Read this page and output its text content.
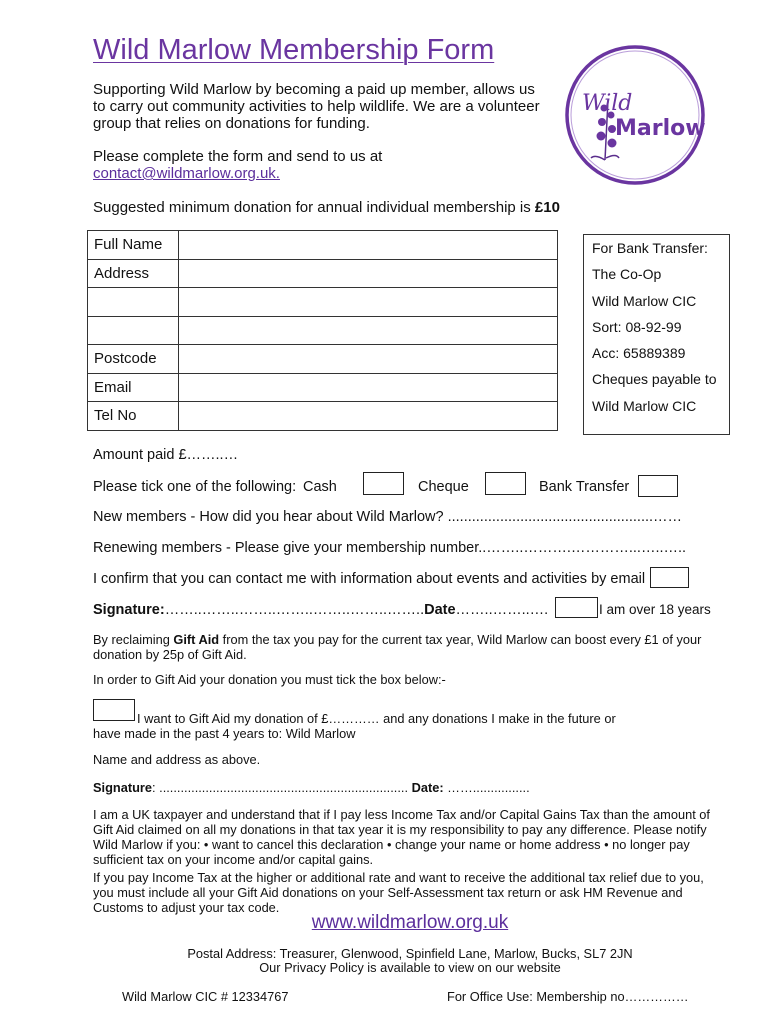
Wild Marlow Membership Form
Supporting Wild Marlow by becoming a paid up member, allows us to carry out community activities to help wildlife. We are a volunteer group that relies on donations for funding.
Please complete the form and send to us at
contact@wildmarlow.org.uk.
Suggested minimum donation for annual individual membership is £10
Wild
Marlow
Full Name	
Address	

Postcode	
Email	
Tel No	
For Bank Transfer:
The Co-Op
Wild Marlow CIC
Sort: 08-92-99
Acc: 65889389
Cheques payable to
Wild Marlow CIC
Amount paid £……..…
Please tick one of the following: Cash	Cheque	Bank Transfer
New members - How did you hear about Wild Marlow? ...................................................……
Renewing members - Please give your membership number..……..……….…………...…..…..
I confirm that you can contact me with information about events and activities by email
Signature:……..……..……..……..……..……..……..Date……..……..….	I am over 18 years
By reclaiming Gift Aid from the tax you pay for the current tax year, Wild Marlow can boost every £1 of your donation by 25p of Gift Aid.
In order to Gift Aid your donation you must tick the box below:-
I want to Gift Aid my donation of £………… and any donations I make in the future or
have made in the past 4 years to: Wild Marlow
Name and address as above.
Signature: ...................................................................... Date: ……................
I am a UK taxpayer and understand that if I pay less Income Tax and/or Capital Gains Tax than the amount of Gift Aid claimed on all my donations in that tax year it is my responsibility to pay any difference. Please notify Wild Marlow if you: • want to cancel this declaration • change your name or home address • no longer pay sufficient tax on your income and/or capital gains.
If you pay Income Tax at the higher or additional rate and want to receive the additional tax relief due to you, you must include all your Gift Aid donations on your Self-Assessment tax return or ask HM Revenue and Customs to adjust your tax code.
www.wildmarlow.org.uk
Postal Address: Treasurer, Glenwood, Spinfield Lane, Marlow, Bucks, SL7 2JN
Our Privacy Policy is available to view on our website
Wild Marlow CIC # 12334767	For Office Use: Membership no……………
